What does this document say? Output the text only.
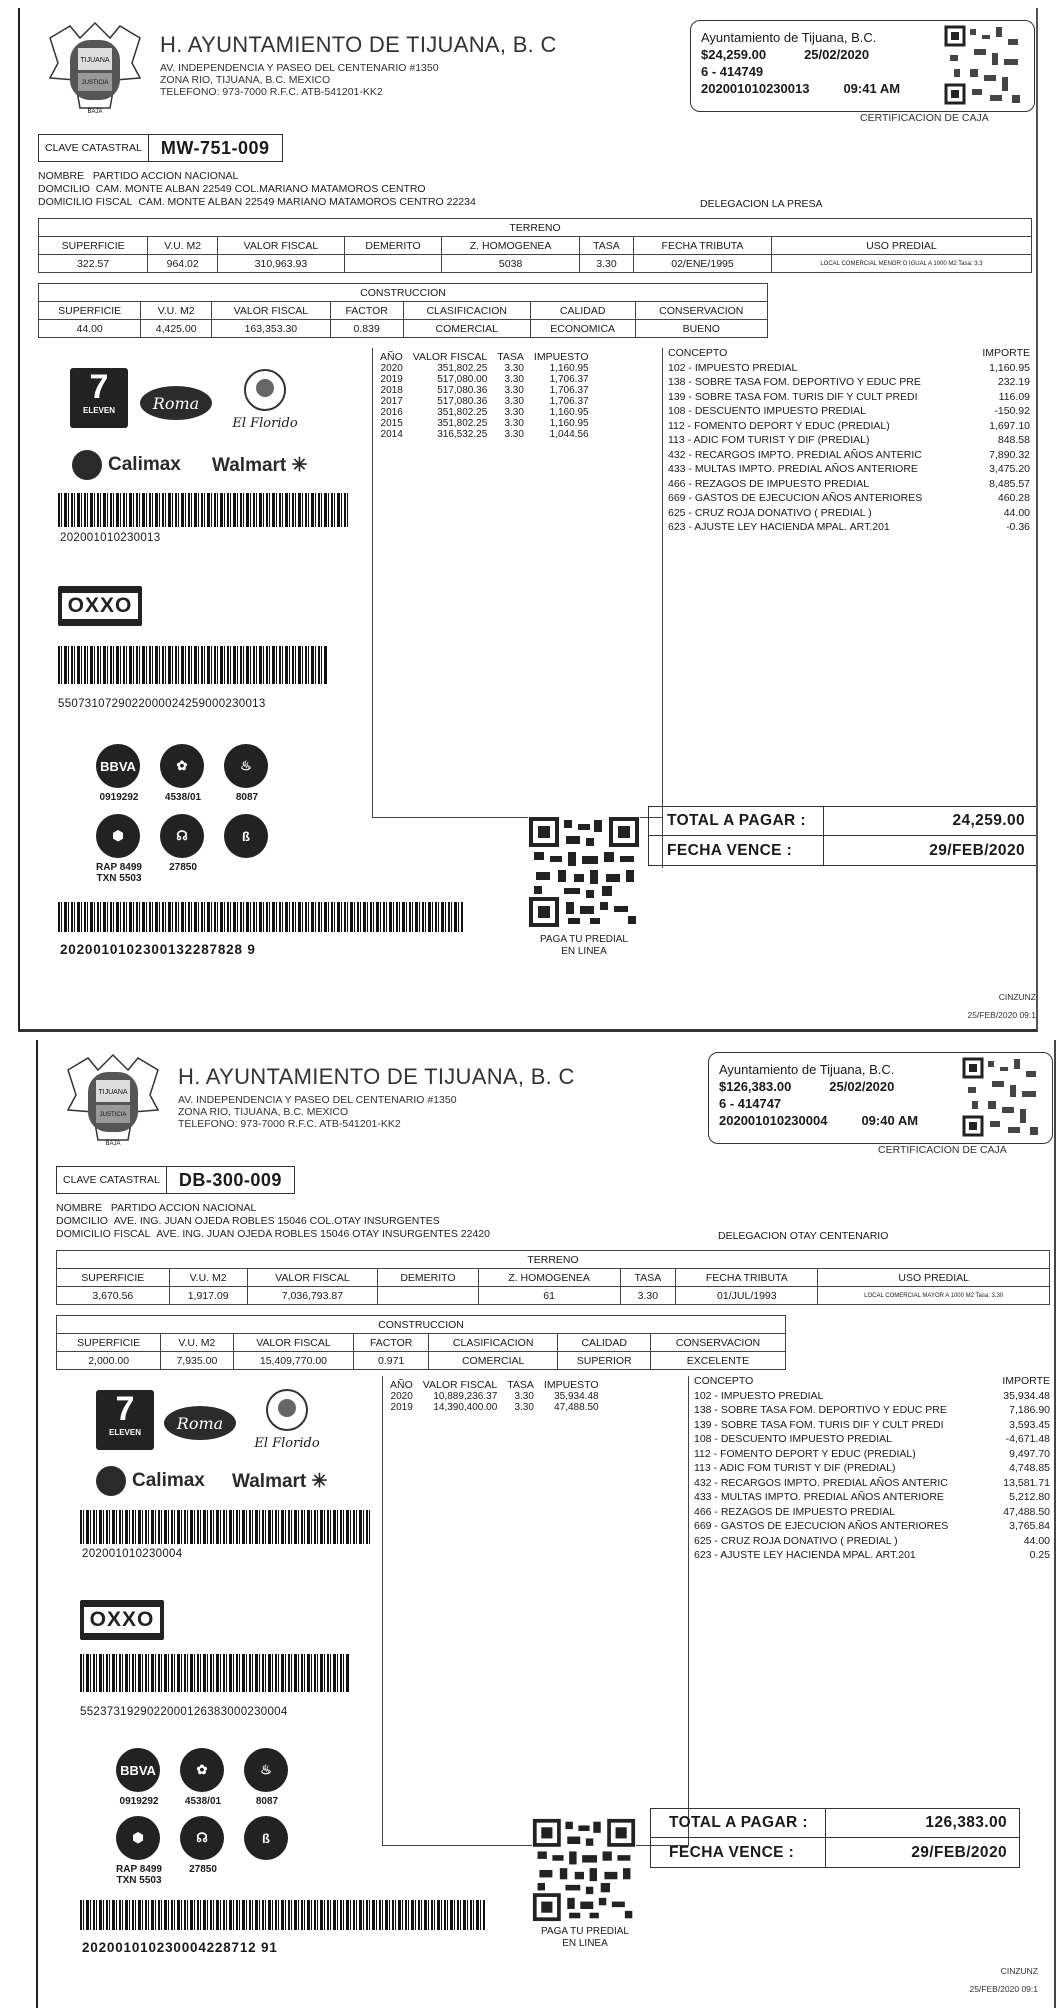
TIJUANA
JUSTICIA
BAJA
H. AYUNTAMIENTO DE TIJUANA, B. C
AV. INDEPENDENCIA Y PASEO DEL CENTENARIO #1350
ZONA RIO, TIJUANA, B.C. MEXICO
TELEFONO: 973-7000 R.F.C. ATB-541201-KK2
Ayuntamiento de Tijuana, B.C.
$24,259.00	25/02/2020
6 - 414749
202001010230013	09:41 AM
CERTIFICACION DE CAJA
CLAVE CATASTRAL	MW-751-009
NOMBRE PARTIDO ACCION NACIONAL
DOMCILIO CAM. MONTE ALBAN 22549 COL.MARIANO MATAMOROS CENTRO
DOMICILIO FISCAL CAM. MONTE ALBAN 22549 MARIANO MATAMOROS CENTRO 22234	DELEGACION LA PRESA
TERRENO							
SUPERFICIE	V.U. M2	VALOR FISCAL	DEMERITO	Z. HOMOGENEA	TASA	FECHA TRIBUTA	USO PREDIAL
322.57	964.02	310,963.93		5038	3.30	02/ENE/1995	LOCAL COMERCIAL MENOR O IGUAL A 1000 M2 Tasa: 3.3
CONSTRUCCION						
SUPERFICIE	V.U. M2	VALOR FISCAL	FACTOR	CLASIFICACION	CALIDAD	CONSERVACION
44.00	4,425.00	163,353.30	0.839	COMERCIAL	ECONOMICA	BUENO
AÑO	VALOR FISCAL	TASA	IMPUESTO
2020	351,802.25	3.30	1,160.95
2019	517,080.00	3.30	1,706.37
2018	517,080.36	3.30	1,706.37
2017	517,080.36	3.30	1,706.37
2016	351,802.25	3.30	1,160.95
2015	351,802.25	3.30	1,160.95
2014	316,532.25	3.30	1,044.56
CONCEPTO	IMPORTE
102 - IMPUESTO PREDIAL	1,160.95
138 - SOBRE TASA FOM. DEPORTIVO Y EDUC PRE	232.19
139 - SOBRE TASA FOM. TURIS DIF Y CULT PREDI	116.09
108 - DESCUENTO IMPUESTO PREDIAL	-150.92
112 - FOMENTO DEPORT Y EDUC (PREDIAL)	1,697.10
113 - ADIC FOM TURIST Y DIF (PREDIAL)	848.58
432 - RECARGOS IMPTO. PREDIAL AÑOS ANTERIC	7,890.32
433 - MULTAS IMPTO. PREDIAL AÑOS ANTERIORE	3,475.20
466 - REZAGOS DE IMPUESTO PREDIAL	8,485.57
669 - GASTOS DE EJECUCION AÑOS ANTERIORES	460.28
625 - CRUZ ROJA DONATIVO ( PREDIAL )	44.00
623 - AJUSTE LEY HACIENDA MPAL. ART.201	-0.36
TOTAL A PAGAR :	24,259.00
FECHA VENCE :	29/FEB/2020
7
ELEVEN	Roma
El Florido
Calimax Walmart ✳
202001010230013
OXXO
5507310729022000024259000230013
BBVA	✿	♨
0919292	4538/01	8087
⬢	☊	ß
RAP 8499
TXN 5503
27850
2020010102300132287828 9
PAGA TU PREDIAL
EN LINEA
CINZUNZ
25/FEB/2020 09:1
TIJUANA
JUSTICIA
BAJA
H. AYUNTAMIENTO DE TIJUANA, B. C
AV. INDEPENDENCIA Y PASEO DEL CENTENARIO #1350
ZONA RIO, TIJUANA, B.C. MEXICO
TELEFONO: 973-7000 R.F.C. ATB-541201-KK2
Ayuntamiento de Tijuana, B.C.
$126,383.00	25/02/2020
6 - 414747
202001010230004	09:40 AM
CERTIFICACION DE CAJA
CLAVE CATASTRAL	DB-300-009
NOMBRE PARTIDO ACCION NACIONAL
DOMCILIO AVE. ING. JUAN OJEDA ROBLES 15046 COL.OTAY INSURGENTES
DOMICILIO FISCAL AVE. ING. JUAN OJEDA ROBLES 15046 OTAY INSURGENTES 22420	DELEGACION OTAY CENTENARIO
TERRENO							
SUPERFICIE	V.U. M2	VALOR FISCAL	DEMERITO	Z. HOMOGENEA	TASA	FECHA TRIBUTA	USO PREDIAL
3,670.56	1,917.09	7,036,793.87		61	3.30	01/JUL/1993	LOCAL COMERCIAL MAYOR A 1000 M2 Tasa: 3.30
CONSTRUCCION						
SUPERFICIE	V.U. M2	VALOR FISCAL	FACTOR	CLASIFICACION	CALIDAD	CONSERVACION
2,000.00	7,935.00	15,409,770.00	0.971	COMERCIAL	SUPERIOR	EXCELENTE
AÑO	VALOR FISCAL	TASA	IMPUESTO
2020	10,889,236.37	3.30	35,934.48
2019	14,390,400.00	3.30	47,488.50
CONCEPTO	IMPORTE
102 - IMPUESTO PREDIAL	35,934.48
138 - SOBRE TASA FOM. DEPORTIVO Y EDUC PRE	7,186.90
139 - SOBRE TASA FOM. TURIS DIF Y CULT PREDI	3,593.45
108 - DESCUENTO IMPUESTO PREDIAL	-4,671.48
112 - FOMENTO DEPORT Y EDUC (PREDIAL)	9,497.70
113 - ADIC FOM TURIST Y DIF (PREDIAL)	4,748.85
432 - RECARGOS IMPTO. PREDIAL AÑOS ANTERIC	13,581.71
433 - MULTAS IMPTO. PREDIAL AÑOS ANTERIORE	5,212.80
466 - REZAGOS DE IMPUESTO PREDIAL	47,488.50
669 - GASTOS DE EJECUCION AÑOS ANTERIORES	3,765.84
625 - CRUZ ROJA DONATIVO ( PREDIAL )	44.00
623 - AJUSTE LEY HACIENDA MPAL. ART.201	0.25
TOTAL A PAGAR :	126,383.00
FECHA VENCE :	29/FEB/2020
7
ELEVEN	Roma
El Florido
Calimax Walmart ✳
202001010230004
OXXO
5523731929022000126383000230004
BBVA	✿	♨
0919292	4538/01	8087
⬢	☊	ß
RAP 8499
TXN 5503
27850
202001010230004228712 91
PAGA TU PREDIAL
EN LINEA
CINZUNZ
25/FEB/2020 09:1
